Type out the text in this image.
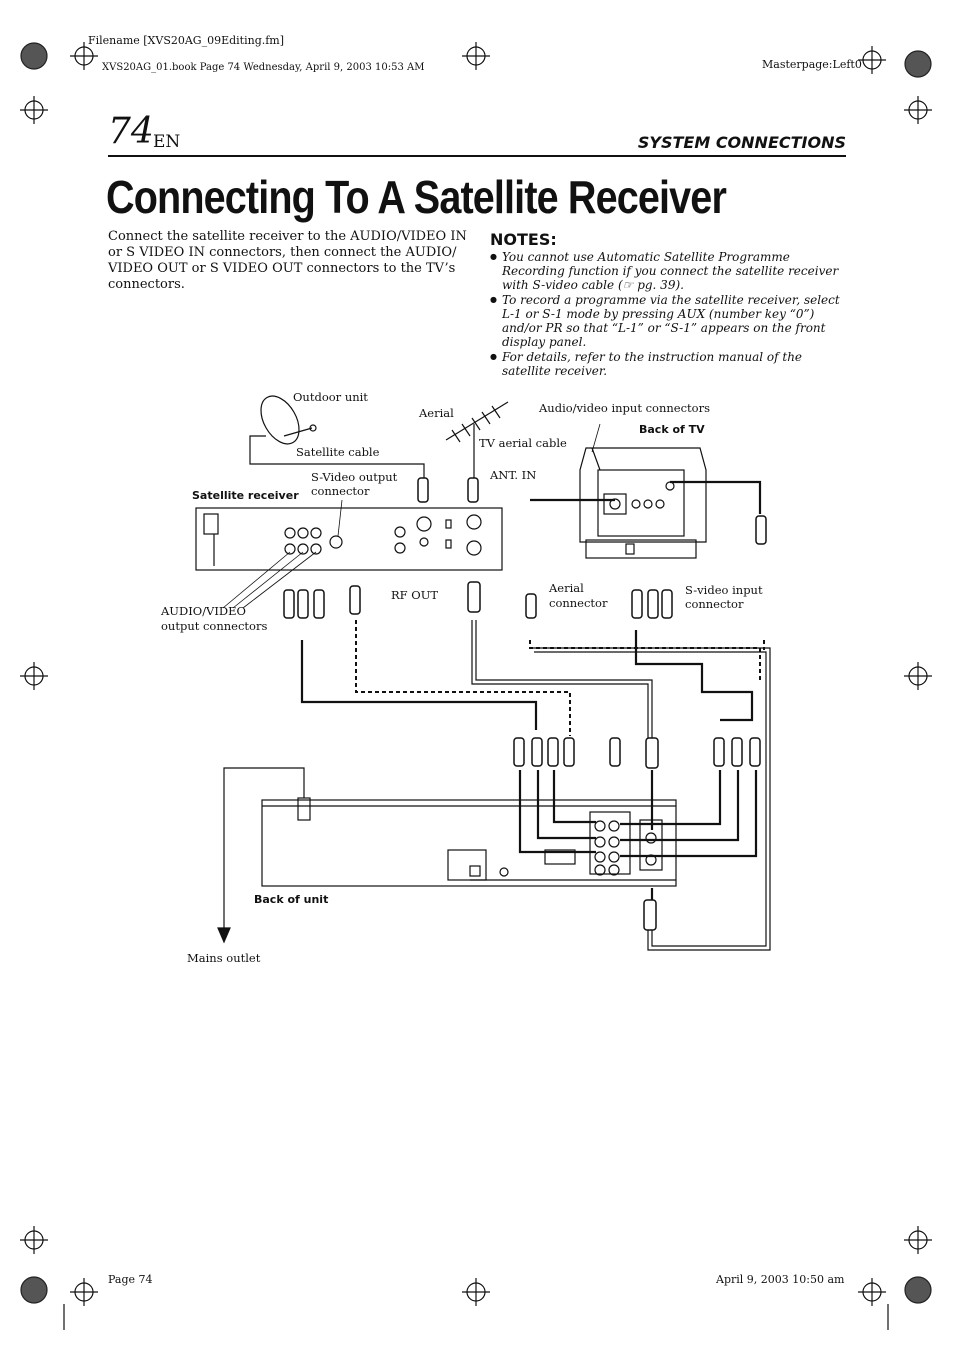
Filename [XVS20AG_09Editing.fm]
XVS20AG_01.book Page 74 Wednesday, April 9, 2003 10:53 AM	Masterpage:Left0
74 EN	SYSTEM CONNECTIONS
Connecting To A Satellite Receiver
Connect the satellite receiver to the AUDIO/VIDEO IN or S VIDEO IN connectors, then connect the AUDIO/ VIDEO OUT or S VIDEO OUT connectors to the TV’s connectors.
NOTES:
● You cannot use Automatic Satellite Programme Recording function if you connect the satellite receiver with S-video cable (☞ pg. 39).
● To record a programme via the satellite receiver, select L-1 or S-1 mode by pressing AUX (number key “0”) and/or PR so that “L-1” or “S-1” appears on the front display panel.
● For details, refer to the instruction manual of the satellite receiver.
Outdoor unit
Aerial	Audio/video input connectors
Back of TV
TV aerial cable
Satellite cable
S-Video output
connector
ANT. IN
Satellite receiver
RF OUT	Aerial
connector
S-video input
connector
AUDIO/VIDEO
output connectors
Back of unit
Mains outlet
Page 74	April 9, 2003 10:50 am
